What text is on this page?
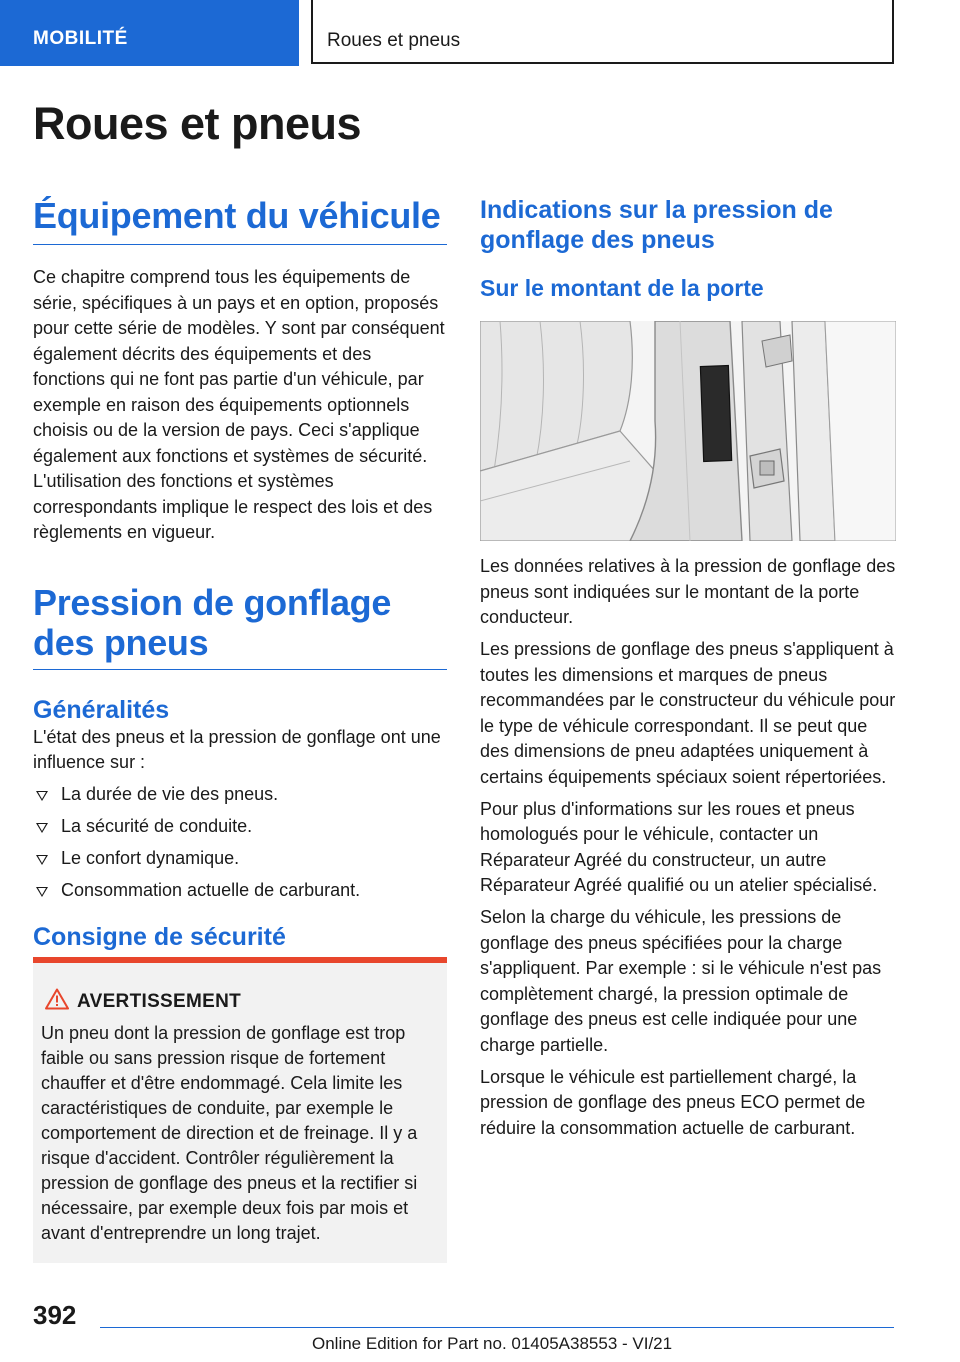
MOBILITÉ	Roues et pneus
Roues et pneus
Équipement du véhicule

Ce chapitre comprend tous les équipements de série, spécifiques à un pays et en option, proposés pour cette série de modèles. Y sont par conséquent également décrits des équipements et des fonctions qui ne font pas partie d'un véhicule, par exemple en raison des équipements optionnels choisis ou de la version de pays. Ceci s'applique également aux fonctions et systèmes de sécurité. L'utilisation des fonctions et systèmes correspondants implique le respect des lois et des règlements en vigueur.

Pression de gonflage des pneus
Généralités

L'état des pneus et la pression de gonflage ont une influence sur :

La durée de vie des pneus.
La sécurité de conduite.
Le confort dynamique.
Consommation actuelle de carburant.
Consigne de sécurité
AVERTISSEMENT
Un pneu dont la pression de gonflage est trop faible ou sans pression risque de fortement chauffer et d'être endommagé. Cela limite les caractéristiques de conduite, par exemple le comportement de direction et de freinage. Il y a risque d'accident. Contrôler régulièrement la pression de gonflage des pneus et la rectifier si nécessaire, par exemple deux fois par mois et avant d'entreprendre un long trajet.
Indications sur la pression de gonflage des pneus
Sur le montant de la porte

Les données relatives à la pression de gonflage des pneus sont indiquées sur le montant de la porte conducteur.

Les pressions de gonflage des pneus s'appliquent à toutes les dimensions et marques de pneus recommandées par le constructeur du véhicule pour le type de véhicule correspondant. Il se peut que des dimensions de pneu adaptées uniquement à certains équipements spéciaux soient répertoriées.

Pour plus d'informations sur les roues et pneus homologués pour le véhicule, contacter un Réparateur Agréé du constructeur, un autre Réparateur Agréé qualifié ou un atelier spécialisé.

Selon la charge du véhicule, les pressions de gonflage des pneus spécifiées pour la charge s'appliquent. Par exemple : si le véhicule n'est pas complètement chargé, la pression optimale de gonflage des pneus est celle indiquée pour une charge partielle.

Lorsque le véhicule est partiellement chargé, la pression de gonflage des pneus ECO permet de réduire la consommation actuelle de carburant.

392
Online Edition for Part no. 01405A38553 - VI/21
